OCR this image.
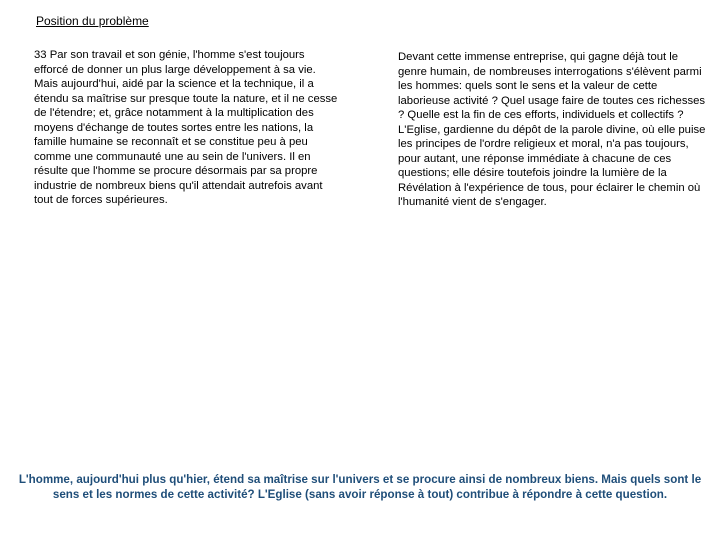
Position du problème
33 Par son travail et son génie, l'homme s'est toujours efforcé de donner un plus large développement à sa vie. Mais aujourd'hui, aidé par la science et la technique, il a étendu sa maîtrise sur presque toute la nature, et il ne cesse de l'étendre; et, grâce notamment à la multiplication des moyens d'échange de toutes sortes entre les nations, la famille humaine se reconnaît et se constitue peu à peu comme une communauté une au sein de l'univers. Il en résulte que l'homme se procure désormais par sa propre industrie de nombreux biens qu'il attendait autrefois avant tout de forces supérieures.
Devant cette immense entreprise, qui gagne déjà tout le genre humain, de nombreuses interrogations s'élèvent parmi les hommes: quels sont le sens et la valeur de cette laborieuse activité ? Quel usage faire de toutes ces richesses ? Quelle est la fin de ces efforts, individuels et collectifs ? L'Eglise, gardienne du dépôt de la parole divine, où elle puise les principes de l'ordre religieux et moral, n'a pas toujours, pour autant, une réponse immédiate à chacune de ces questions; elle désire toutefois joindre la lumière de la Révélation à l'expérience de tous, pour éclairer le chemin où l'humanité vient de s'engager.
L'homme, aujourd'hui plus qu'hier, étend sa maîtrise sur l'univers et se procure ainsi de nombreux biens. Mais quels sont le sens et les normes de cette activité? L'Eglise (sans avoir réponse à tout) contribue à répondre à cette question.
